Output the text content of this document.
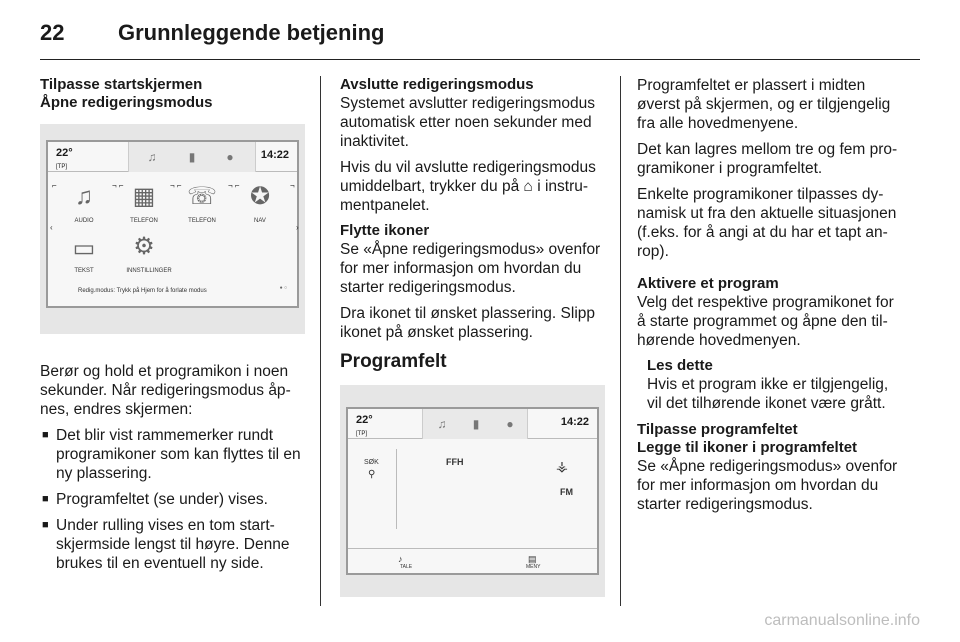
22 Grunnleggende betjening
Tilpasse startskjermen
Åpne redigeringsmodus
22°
[TP]
♫	▮	●	14:22
⌐	¬ ⌐	¬ ⌐	¬ ⌐	¬
♫
AUDIO
▦
TELEFON
☏
TELEFON
✪
NAV
‹	›
▭
TEKST
⚙
INNSTILLINGER
Redig.modus: Trykk på Hjem for å forlate modus	● ○

Berør og hold et programikon i noen sekunder. Når redigeringsmodus åpnes, endres skjermen:

■ Det blir vist rammemerker rundt programikoner som kan flyttes til en ny plassering.
■ Programfeltet (se under) vises.
■ Under rulling vises en tom startskjermside lengst til høyre. Denne brukes til en eventuell ny side.
Avslutte redigeringsmodus

Systemet avslutter redigeringsmodus automatisk etter noen sekunder med inaktivitet.

Hvis du vil avslutte redigeringsmodus umiddelbart, trykker du på ⌂ i instrumentpanelet.

Flytte ikoner

Se «Åpne redigeringsmodus» ovenfor for mer informasjon om hvordan du starter redigeringsmodus.

Dra ikonet til ønsket plassering. Slipp ikonet på ønsket plassering.

Programfelt
22°
[TP]
♫	▮	●	14:22
SØK
⚲
FFH	⚶
FM
♪
TALE
▤
MENY

Programfeltet er plassert i midten øverst på skjermen, og er tilgjengelig fra alle hovedmenyene.

Det kan lagres mellom tre og fem programikoner i programfeltet.

Enkelte programikoner tilpasses dynamisk ut fra den aktuelle situasjonen (f.eks. for å angi at du har et tapt anrop).

Aktivere et program

Velg det respektive programikonet for å starte programmet og åpne den tilhørende hovedmenyen.

Les dette
Hvis et program ikke er tilgjengelig, vil det tilhørende ikonet være grått.
Tilpasse programfeltet
Legge til ikoner i programfeltet

Se «Åpne redigeringsmodus» ovenfor for mer informasjon om hvordan du starter redigeringsmodus.

carmanualsonline.info
